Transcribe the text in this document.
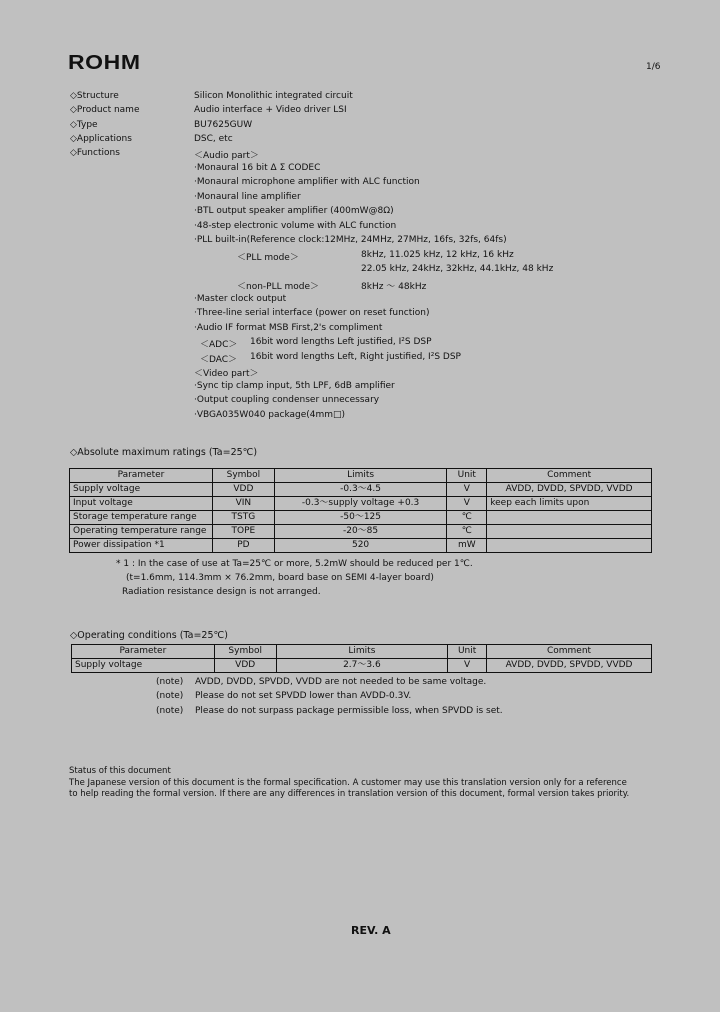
ROHM	1/6
◇Structure	Silicon Monolithic integrated circuit
◇Product name	Audio interface + Video driver LSI
◇Type	BU7625GUW
◇Applications	DSC, etc
◇Functions	＜Audio part＞
·Monaural 16 bit Δ Σ CODEC
·Monaural microphone amplifier with ALC function
·Monaural line amplifier
·BTL output speaker amplifier (400mW@8Ω)
·48-step electronic volume with ALC function
·PLL built-in(Reference clock:12MHz, 24MHz, 27MHz, 16fs, 32fs, 64fs)
＜PLL mode＞	8kHz, 11.025 kHz, 12 kHz, 16 kHz
22.05 kHz, 24kHz, 32kHz, 44.1kHz, 48 kHz
＜non-PLL mode＞	8kHz ～ 48kHz
·Master clock output
·Three-line serial interface (power on reset function)
·Audio IF format MSB First,2's compliment
＜ADC＞ 16bit word lengths Left justified, I²S DSP
＜DAC＞ 16bit word lengths Left, Right justified, I²S DSP
＜Video part＞
·Sync tip clamp input, 5th LPF, 6dB amplifier
·Output coupling condenser unnecessary
·VBGA035W040 package(4mm□)
◇Absolute maximum ratings (Ta=25℃)
Parameter	Symbol	Limits	Unit	Comment
Supply voltage	VDD	-0.3～4.5	V	AVDD, DVDD, SPVDD, VVDD
Input voltage	VIN	-0.3～supply voltage +0.3	V	keep each limits upon
Storage temperature range	TSTG	-50～125	℃	
Operating temperature range	TOPE	-20～85	℃	
Power dissipation *1	PD	520	mW	
* 1 : In the case of use at Ta=25℃ or more, 5.2mW should be reduced per 1℃.
(t=1.6mm, 114.3mm × 76.2mm, board base on SEMI 4-layer board)
Radiation resistance design is not arranged.
◇Operating conditions (Ta=25℃)
Parameter	Symbol	Limits	Unit	Comment
Supply voltage	VDD	2.7～3.6	V	AVDD, DVDD, SPVDD, VVDD
(note) AVDD, DVDD, SPVDD, VVDD are not needed to be same voltage.
(note) Please do not set SPVDD lower than AVDD-0.3V.
(note) Please do not surpass package permissible loss, when SPVDD is set.
Status of this document
The Japanese version of this document is the formal specification. A customer may use this translation version only for a reference
to help reading the formal version. If there are any differences in translation version of this document, formal version takes priority.
REV. A
